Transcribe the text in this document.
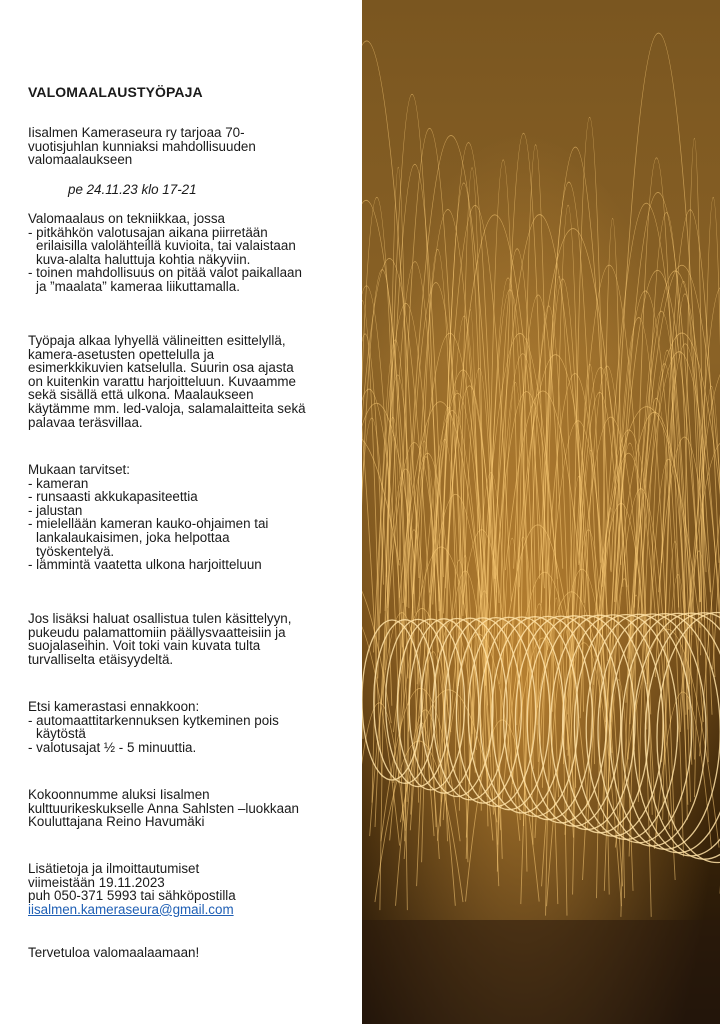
VALOMAALAUSTYÖPAJA
Iisalmen Kameraseura ry tarjoaa 70-
vuotisjuhlan kunniaksi mahdollisuuden
valomaalaukseen
pe 24.11.23 klo 17-21
Valomaalaus on tekniikkaa, jossa
- pitkähkön valotusajan aikana piirretään
erilaisilla valolähteillä kuvioita, tai valaistaan
kuva-alalta haluttuja kohtia näkyviin.
- toinen mahdollisuus on pitää valot paikallaan
ja ”maalata” kameraa liikuttamalla.
Työpaja alkaa lyhyellä välineitten esittelyllä,
kamera-asetusten opettelulla ja
esimerkkikuvien katselulla. Suurin osa ajasta
on kuitenkin varattu harjoitteluun. Kuvaamme
sekä sisällä että ulkona. Maalaukseen
käytämme mm. led-valoja, salamalaitteita sekä
palavaa teräsvillaa.
Mukaan tarvitset:
- kameran
- runsaasti akkukapasiteettia
- jalustan
- mielellään kameran kauko-ohjaimen tai
lankalaukaisimen, joka helpottaa
työskentelyä.
- lämmintä vaatetta ulkona harjoitteluun
Jos lisäksi haluat osallistua tulen käsittelyyn,
pukeudu palamattomiin päällysvaatteisiin ja
suojalaseihin. Voit toki vain kuvata tulta
turvalliselta etäisyydeltä.
Etsi kamerastasi ennakkoon:
- automaattitarkennuksen kytkeminen pois
käytöstä
- valotusajat ½ - 5 minuuttia.
Kokoonnumme aluksi Iisalmen
kulttuurikeskukselle Anna Sahlsten –luokkaan
Kouluttajana Reino Havumäki
Lisätietoja ja ilmoittautumiset
viimeistään 19.11.2023
puh 050-371 5993 tai sähköpostilla
iisalmen.kameraseura@gmail.com
Tervetuloa valomaalaamaan!
